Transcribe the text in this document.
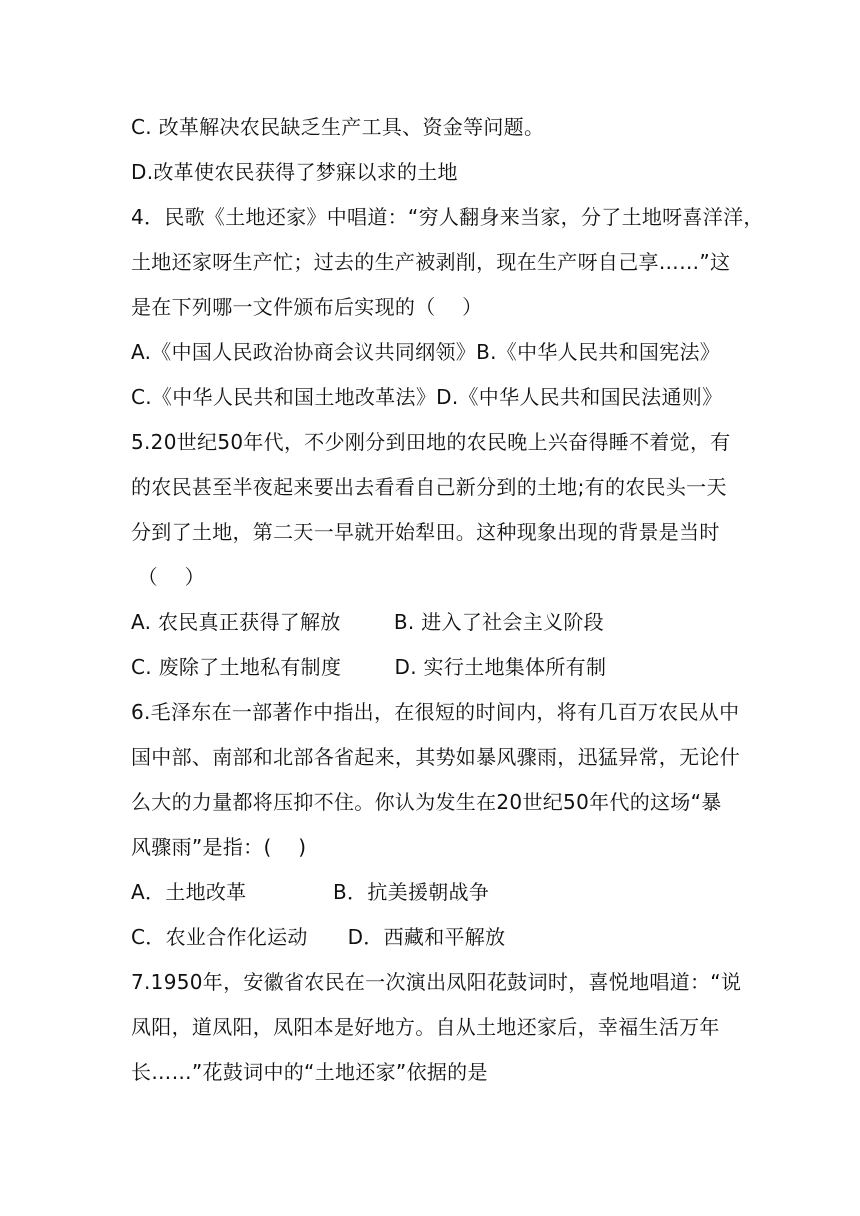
C. 改革解决农民缺乏生产工具、资金等问题。
D.改革使农民获得了梦寐以求的土地
4．民歌《土地还家》中唱道：“穷人翻身来当家，分了土地呀喜洋洋，
土地还家呀生产忙；过去的生产被剥削，现在生产呀自己享……”这
是在下列哪一文件颁布后实现的（    ）
A.《中国人民政治协商会议共同纲领》B.《中华人民共和国宪法》
C.《中华人民共和国土地改革法》D.《中华人民共和国民法通则》
5.20世纪50年代，不少刚分到田地的农民晚上兴奋得睡不着觉，有
的农民甚至半夜起来要出去看看自己新分到的土地;有的农民头一天
分到了土地，第二天一早就开始犁田。这种现象出现的背景是当时
（    ）
A. 农民真正获得了解放        B. 进入了社会主义阶段
C. 废除了土地私有制度        D. 实行土地集体所有制
6.毛泽东在一部著作中指出，在很短的时间内，将有几百万农民从中
国中部、南部和北部各省起来，其势如暴风骤雨，迅猛异常，无论什
么大的力量都将压抑不住。你认为发生在20世纪50年代的这场“暴
风骤雨”是指：(    )
A．土地改革             B．抗美援朝战争
C．农业合作化运动      D．西藏和平解放
7.1950年，安徽省农民在一次演出凤阳花鼓词时，喜悦地唱道：“说
凤阳，道凤阳，凤阳本是好地方。自从土地还家后，幸福生活万年
长……”花鼓词中的“土地还家”依据的是
